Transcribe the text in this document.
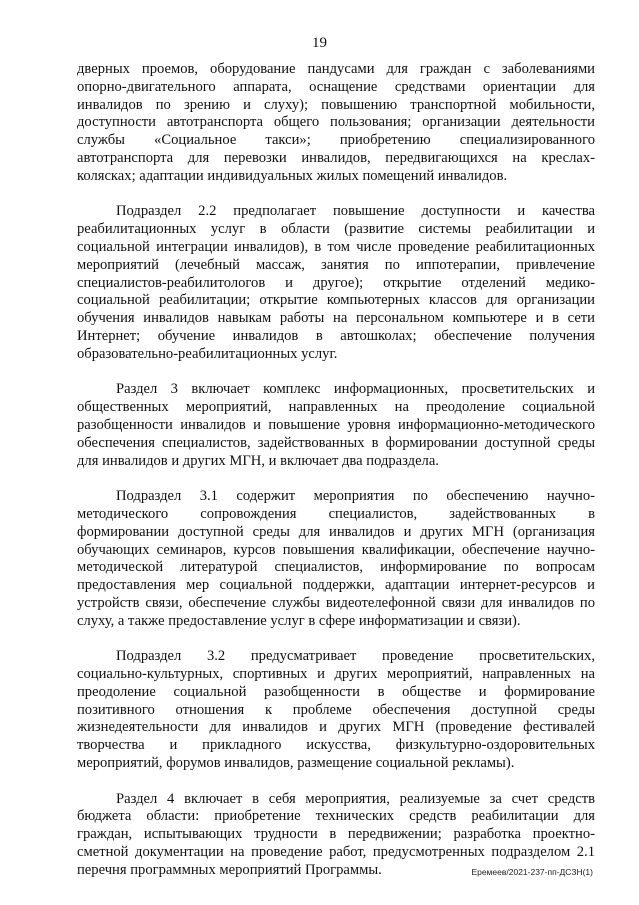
19

дверных проемов, оборудование пандусами для граждан с заболеваниями
опорно-двигательного аппарата, оснащение средствами ориентации для
инвалидов по зрению и слуху); повышению транспортной мобильности,
доступности автотранспорта общего пользования; организации деятельности
службы «Социальное такси»; приобретению специализированного
автотранспорта для перевозки инвалидов, передвигающихся на креслах-
колясках; адаптации индивидуальных жилых помещений инвалидов.

Подраздел 2.2 предполагает повышение доступности и качества
реабилитационных услуг в области (развитие системы реабилитации и
социальной интеграции инвалидов), в том числе проведение реабилитационных
мероприятий (лечебный массаж, занятия по иппотерапии, привлечение
специалистов-реабилитологов и другое); открытие отделений медико-
социальной реабилитации; открытие компьютерных классов для организации
обучения инвалидов навыкам работы на персональном компьютере и в сети
Интернет; обучение инвалидов в автошколах; обеспечение получения
образовательно-реабилитационных услуг.

Раздел 3 включает комплекс информационных, просветительских и
общественных мероприятий, направленных на преодоление социальной
разобщенности инвалидов и повышение уровня информационно-методического
обеспечения специалистов, задействованных в формировании доступной среды
для инвалидов и других МГН, и включает два подраздела.

Подраздел 3.1 содержит мероприятия по обеспечению научно-
методического сопровождения специалистов, задействованных в
формировании доступной среды для инвалидов и других МГН (организация
обучающих семинаров, курсов повышения квалификации, обеспечение научно-
методической литературой специалистов, информирование по вопросам
предоставления мер социальной поддержки, адаптации интернет-ресурсов и
устройств связи, обеспечение службы видеотелефонной связи для инвалидов по
слуху, а также предоставление услуг в сфере информатизации и связи).

Подраздел 3.2 предусматривает проведение просветительских,
социально-культурных, спортивных и других мероприятий, направленных на
преодоление социальной разобщенности в обществе и формирование
позитивного отношения к проблеме обеспечения доступной среды
жизнедеятельности для инвалидов и других МГН (проведение фестивалей
творчества и прикладного искусства, физкультурно-оздоровительных
мероприятий, форумов инвалидов, размещение социальной рекламы).

Раздел 4 включает в себя мероприятия, реализуемые за счет средств
бюджета области: приобретение технических средств реабилитации для
граждан, испытывающих трудности в передвижении; разработка проектно-
сметной документации на проведение работ, предусмотренных подразделом 2.1
перечня программных мероприятий Программы.	Еремеев/2021-237-пп-ДСЗН(1)
